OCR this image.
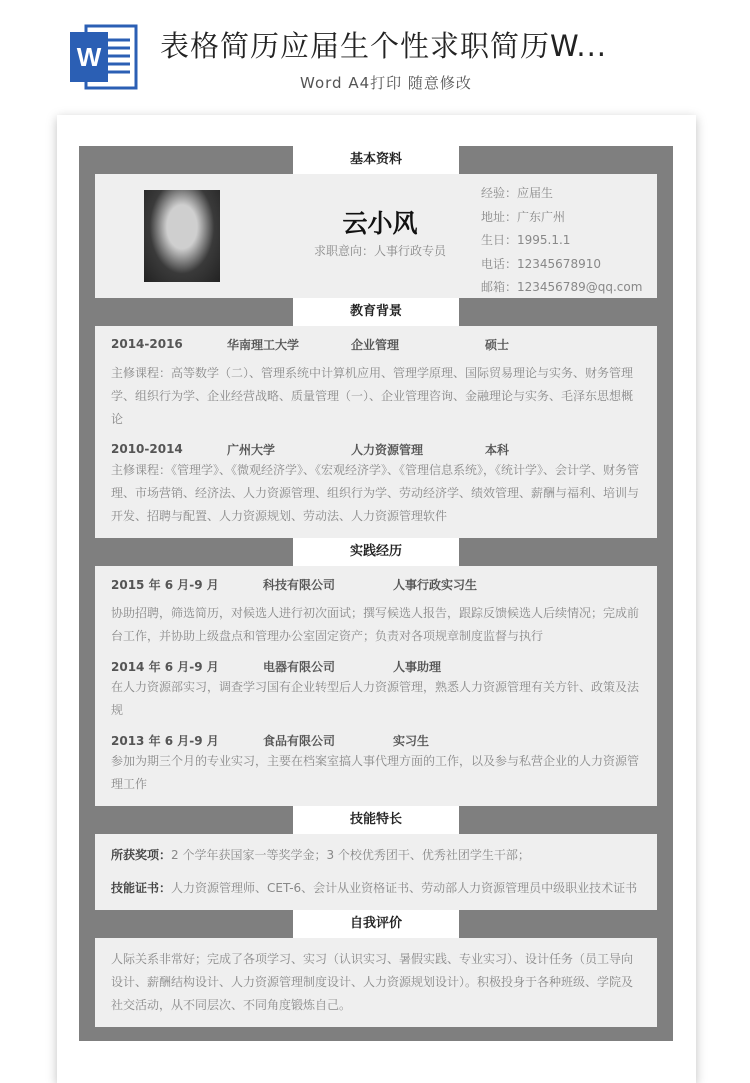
W 表格简历应届生个性求职简历W...
Word A4打印 随意修改
基本资料
云小风
求职意向：人事行政专员
经验：应届生
地址：广东广州
生日：1995.1.1
电话：12345678910
邮箱：123456789@qq.com
教育背景
2014-2016	华南理工大学	企业管理	硕士
主修课程：高等数学（二）、管理系统中计算机应用、管理学原理、国际贸易理论与实务、财务管理学、组织行为学、企业经营战略、质量管理（一）、企业管理咨询、金融理论与实务、毛泽东思想概论
2010-2014	广州大学	人力资源管理	本科
主修课程：《管理学》、《微观经济学》、《宏观经济学》、《管理信息系统》，《统计学》、会计学、财务管理、市场营销、经济法、人力资源管理、组织行为学、劳动经济学、绩效管理、薪酬与福利、培训与开发、招聘与配置、人力资源规划、劳动法、人力资源管理软件
实践经历
2015 年 6 月-9 月	科技有限公司	人事行政实习生
协助招聘，筛选简历，对候选人进行初次面试；撰写候选人报告，跟踪反馈候选人后续情况；完成前台工作，并协助上级盘点和管理办公室固定资产；负责对各项规章制度监督与执行
2014 年 6 月-9 月	电器有限公司	人事助理
在人力资源部实习，调查学习国有企业转型后人力资源管理，熟悉人力资源管理有关方针、政策及法规
2013 年 6 月-9 月	食品有限公司	实习生
参加为期三个月的专业实习，主要在档案室搞人事代理方面的工作，以及参与私营企业的人力资源管理工作
技能特长
所获奖项：2 个学年获国家一等奖学金；3 个校优秀团干、优秀社团学生干部；
技能证书：人力资源管理师、CET-6、会计从业资格证书、劳动部人力资源管理员中级职业技术证书
自我评价
人际关系非常好；完成了各项学习、实习（认识实习、暑假实践、专业实习）、设计任务（员工导向设计、薪酬结构设计、人力资源管理制度设计、人力资源规划设计）。积极投身于各种班级、学院及社交活动，从不同层次、不同角度锻炼自己。
